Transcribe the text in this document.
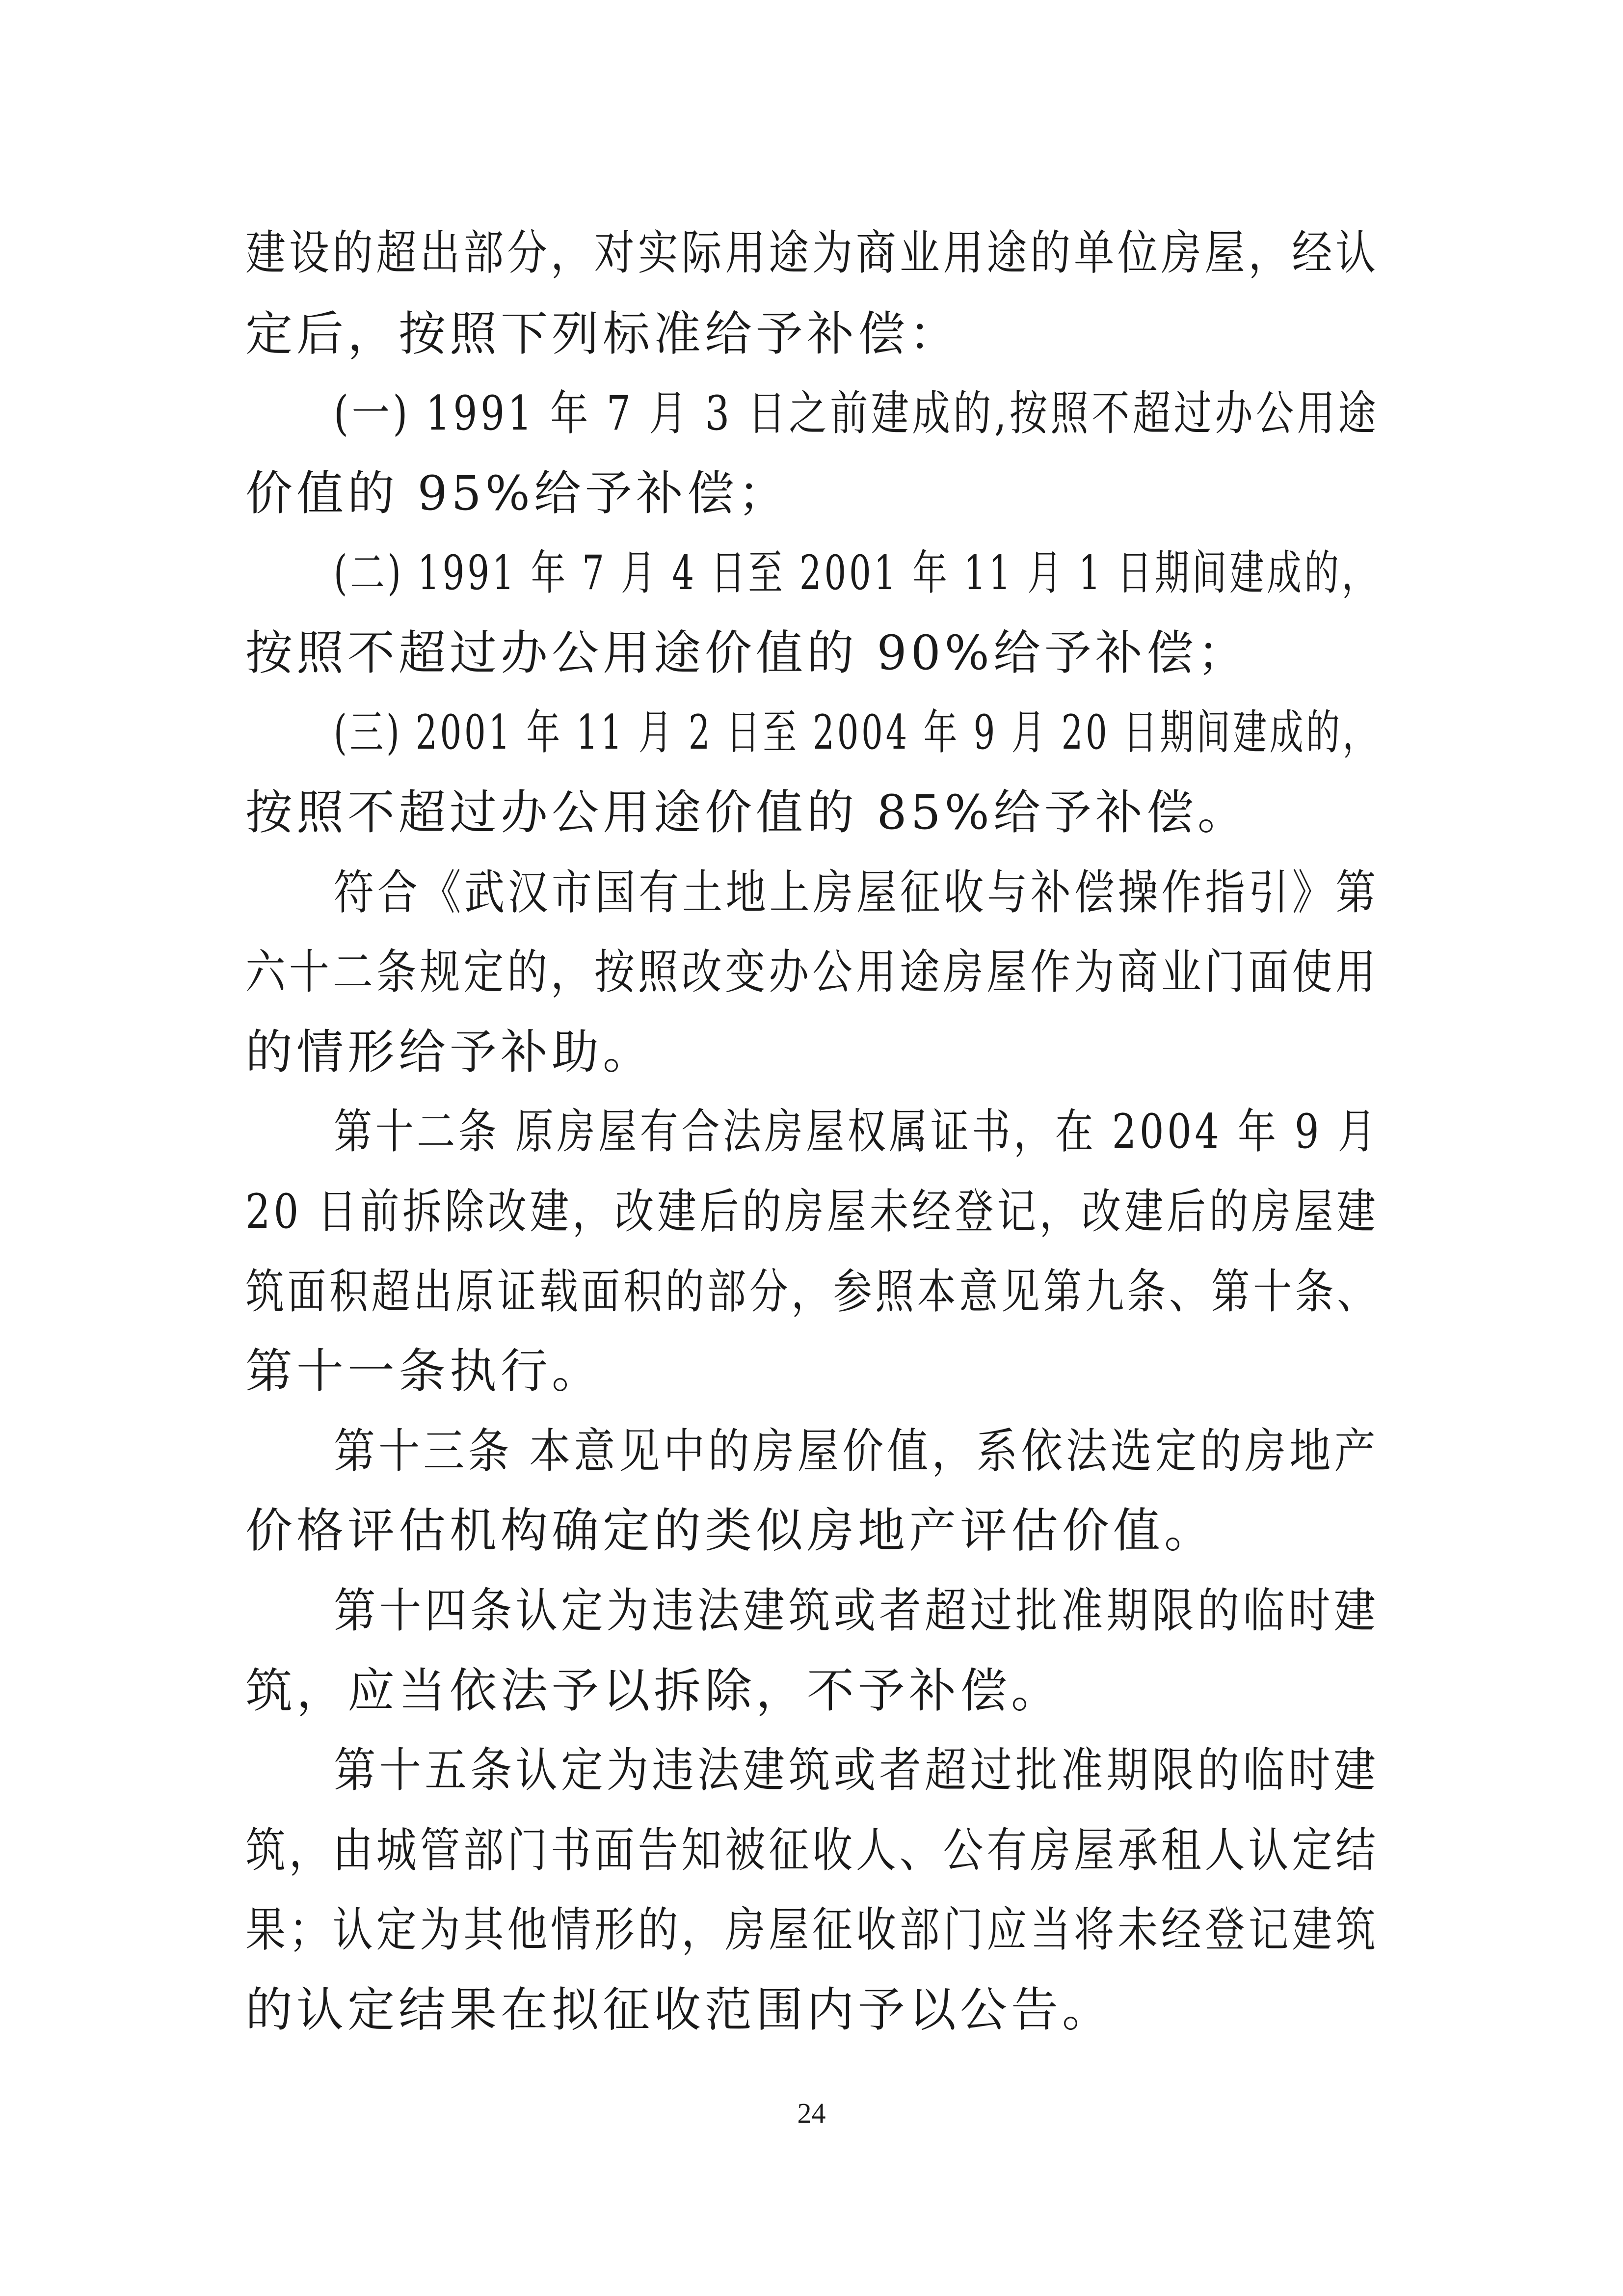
建设的超出部分，对实际用途为商业用途的单位房屋，经认
定后，按照下列标准给予补偿：
(一) 1991 年 7 月 3 日之前建成的,按照不超过办公用途
价值的 95%给予补偿；
(二) 1991 年 7 月 4 日至 2001 年 11 月 1 日期间建成的，
按照不超过办公用途价值的 90%给予补偿；
(三) 2001 年 11 月 2 日至 2004 年 9 月 20 日期间建成的，
按照不超过办公用途价值的 85%给予补偿。
符合《武汉市国有土地上房屋征收与补偿操作指引》第
六十二条规定的，按照改变办公用途房屋作为商业门面使用
的情形给予补助。
第十二条 原房屋有合法房屋权属证书，在 2004 年 9 月
20 日前拆除改建，改建后的房屋未经登记，改建后的房屋建
筑面积超出原证载面积的部分，参照本意见第九条、第十条、
第十一条执行。
第十三条 本意见中的房屋价值，系依法选定的房地产
价格评估机构确定的类似房地产评估价值。
第十四条认定为违法建筑或者超过批准期限的临时建
筑，应当依法予以拆除，不予补偿。
第十五条认定为违法建筑或者超过批准期限的临时建
筑，由城管部门书面告知被征收人、公有房屋承租人认定结
果；认定为其他情形的，房屋征收部门应当将未经登记建筑
的认定结果在拟征收范围内予以公告。
24
